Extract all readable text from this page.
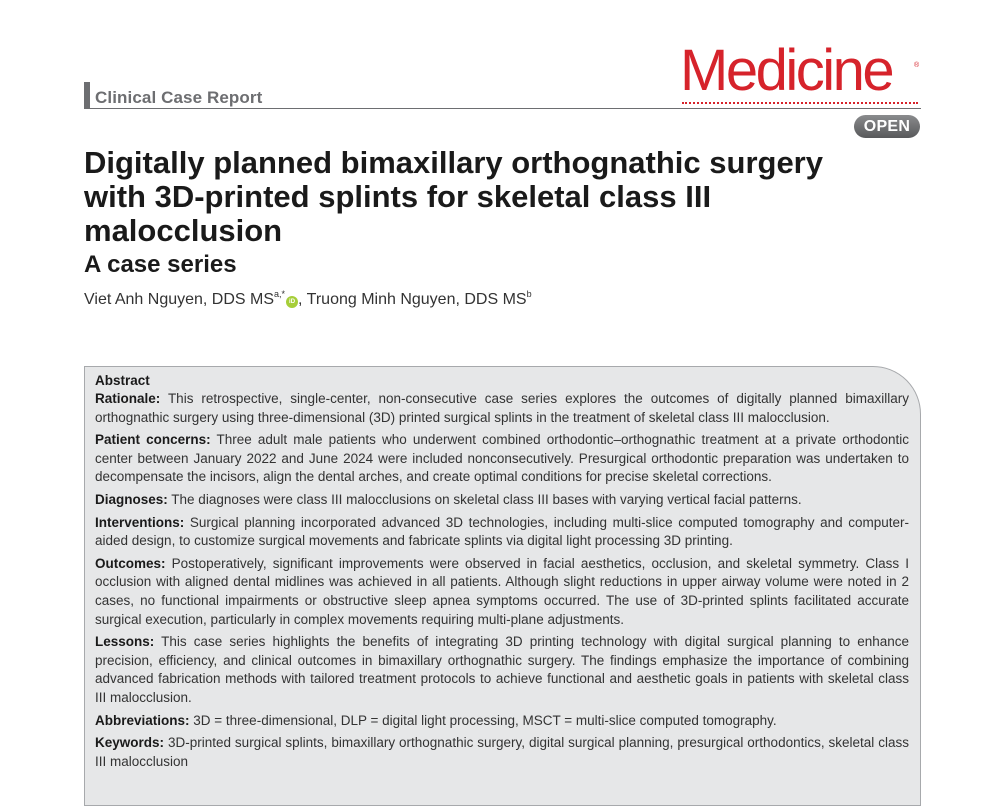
Clinical Case Report	Medicine	®
OPEN
Digitally planned bimaxillary orthognathic surgery with 3D-printed splints for skeletal class III malocclusion
A case series
Viet Anh Nguyen, DDS $MS^{a,*}iD$ , Truong Minh Nguyen, DDS $MS^b$
Abstract

Rationale: This retrospective, single-center, non-consecutive case series explores the outcomes of digitally planned bimaxillary orthognathic surgery using three-dimensional (3D) printed surgical splints in the treatment of skeletal class III malocclusion.

Patient concerns: Three adult male patients who underwent combined orthodontic–orthognathic treatment at a private orthodontic center between January 2022 and June 2024 were included nonconsecutively. Presurgical orthodontic preparation was undertaken to decompensate the incisors, align the dental arches, and create optimal conditions for precise skeletal corrections.

Diagnoses: The diagnoses were class III malocclusions on skeletal class III bases with varying vertical facial patterns.

Interventions: Surgical planning incorporated advanced 3D technologies, including multi-slice computed tomography and computer-aided design, to customize surgical movements and fabricate splints via digital light processing 3D printing.

Outcomes: Postoperatively, significant improvements were observed in facial aesthetics, occlusion, and skeletal symmetry. Class I occlusion with aligned dental midlines was achieved in all patients. Although slight reductions in upper airway volume were noted in 2 cases, no functional impairments or obstructive sleep apnea symptoms occurred. The use of 3D-printed splints facilitated accurate surgical execution, particularly in complex movements requiring multi-plane adjustments.

Lessons: This case series highlights the benefits of integrating 3D printing technology with digital surgical planning to enhance precision, efficiency, and clinical outcomes in bimaxillary orthognathic surgery. The findings emphasize the importance of combining advanced fabrication methods with tailored treatment protocols to achieve functional and aesthetic goals in patients with skeletal class III malocclusion.

Abbreviations: 3D = three-dimensional, DLP = digital light processing, MSCT = multi-slice computed tomography.

Keywords: 3D-printed surgical splints, bimaxillary orthognathic surgery, digital surgical planning, presurgical orthodontics, skeletal class III malocclusion
